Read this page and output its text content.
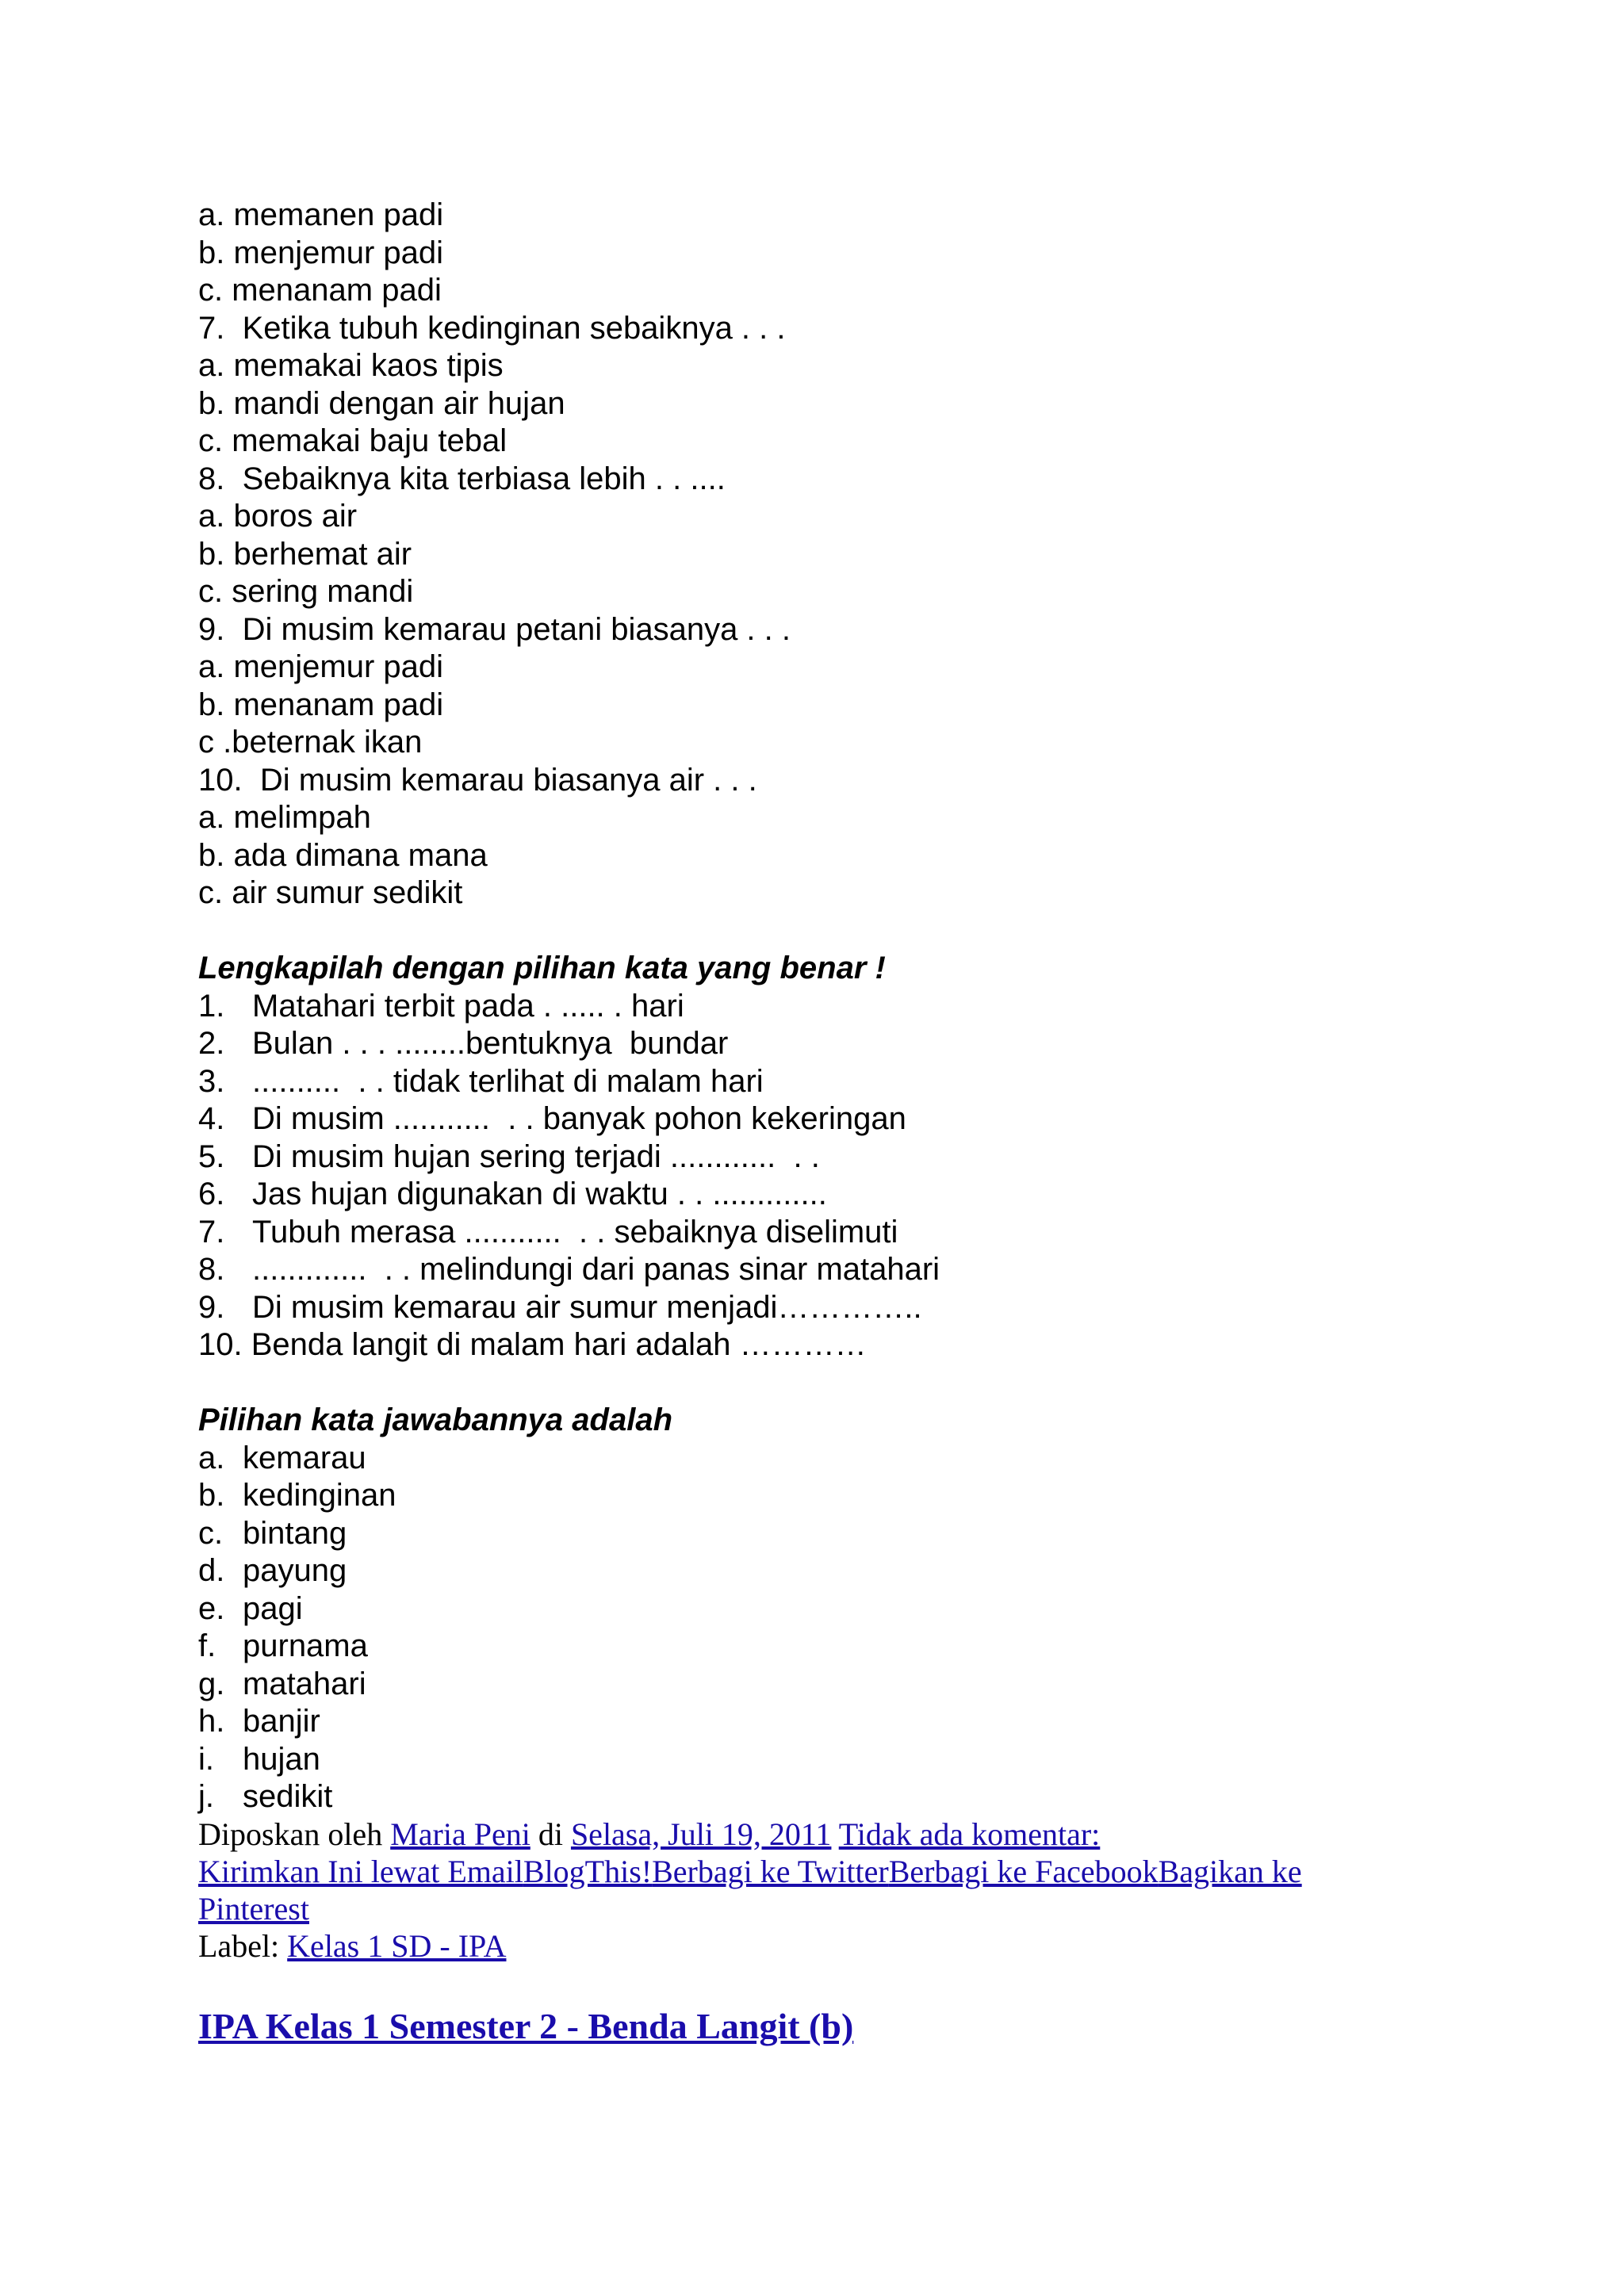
a. memanen padi
b. menjemur padi
c. menanam padi
7.  Ketika tubuh kedinginan sebaiknya . . .
a. memakai kaos tipis
b. mandi dengan air hujan
c. memakai baju tebal
8.  Sebaiknya kita terbiasa lebih . . ....
a. boros air
b. berhemat air
c. sering mandi
9.  Di musim kemarau petani biasanya . . .
a. menjemur padi
b. menanam padi
c .beternak ikan
10.  Di musim kemarau biasanya air . . .
a. melimpah
b. ada dimana mana
c. air sumur sedikit
Lengkapilah dengan pilihan kata yang benar !
1. Matahari terbit pada . ..... . hari
2. Bulan . . . ........bentuknya  bundar
3. ..........  . . tidak terlihat di malam hari
4. Di musim ...........  . . banyak pohon kekeringan
5. Di musim hujan sering terjadi ............  . .
6. Jas hujan digunakan di waktu . . .............
7. Tubuh merasa ...........  . . sebaiknya diselimuti
8. .............  . . melindungi dari panas sinar matahari
9. Di musim kemarau air sumur menjadi…………..
10. Benda langit di malam hari adalah …………
Pilihan kata jawabannya adalah
a. kemarau
b. kedinginan
c. bintang
d. payung
e. pagi
f. purnama
g. matahari
h. banjir
i. hujan
j. sedikit
Diposkan oleh Maria Peni di Selasa, Juli 19, 2011 Tidak ada komentar:
Kirimkan Ini lewat EmailBlogThis!Berbagi ke TwitterBerbagi ke FacebookBagikan ke
Pinterest
Label: Kelas 1 SD - IPA
IPA Kelas 1 Semester 2 - Benda Langit (b)
